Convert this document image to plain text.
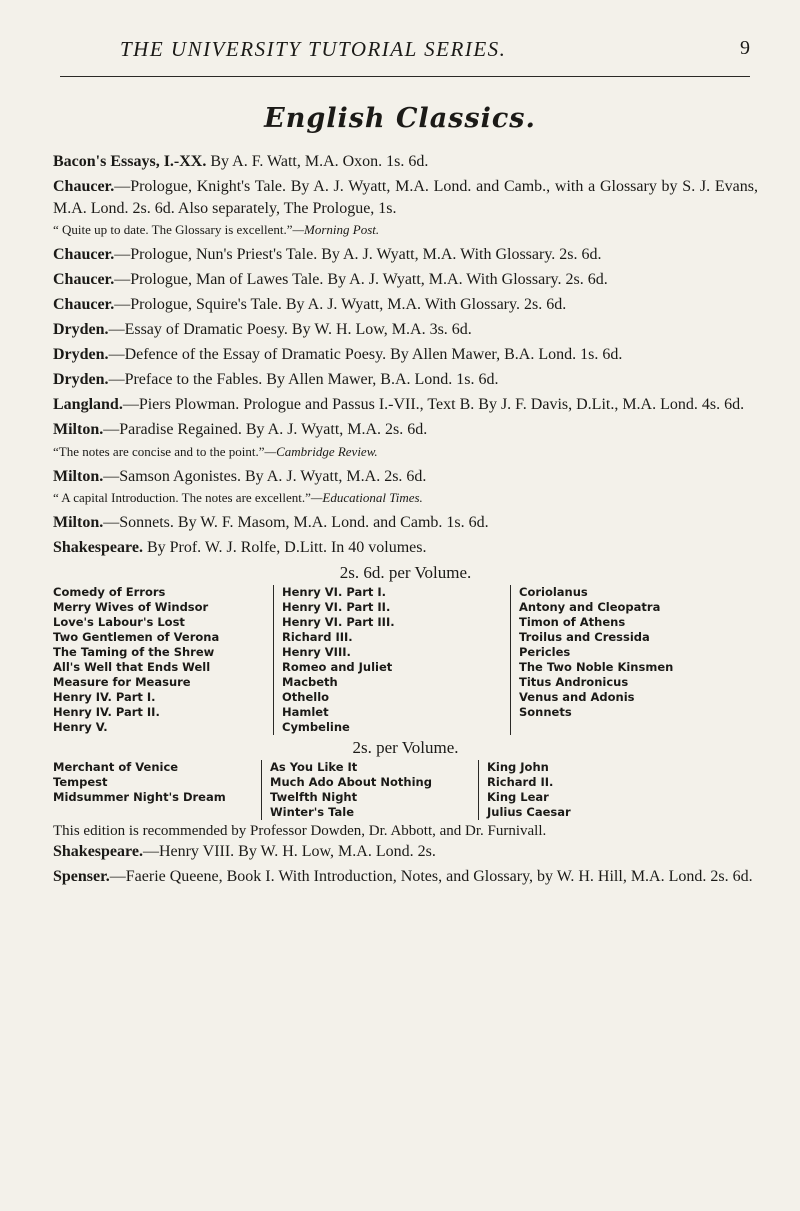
THE UNIVERSITY TUTORIAL SERIES.	9
English Classics.
Bacon's Essays, I.-XX. By A. F. Watt, M.A. Oxon. 1s. 6d.
Chaucer.—Prologue, Knight's Tale. By A. J. Wyatt, M.A. Lond. and Camb., with a Glossary by S. J. Evans, M.A. Lond. 2s. 6d. Also separately, The Prologue, 1s.
“ Quite up to date. The Glossary is excellent.”—Morning Post.
Chaucer.—Prologue, Nun's Priest's Tale. By A. J. Wyatt, M.A. With Glossary. 2s. 6d.
Chaucer.—Prologue, Man of Lawes Tale. By A. J. Wyatt, M.A. With Glossary. 2s. 6d.
Chaucer.—Prologue, Squire's Tale. By A. J. Wyatt, M.A. With Glossary. 2s. 6d.
Dryden.—Essay of Dramatic Poesy. By W. H. Low, M.A. 3s. 6d.
Dryden.—Defence of the Essay of Dramatic Poesy. By Allen Mawer, B.A. Lond. 1s. 6d.
Dryden.—Preface to the Fables. By Allen Mawer, B.A. Lond. 1s. 6d.
Langland.—Piers Plowman. Prologue and Passus I.-VII., Text B. By J. F. Davis, D.Lit., M.A. Lond. 4s. 6d.
Milton.—Paradise Regained. By A. J. Wyatt, M.A. 2s. 6d.
“The notes are concise and to the point.”—Cambridge Review.
Milton.—Samson Agonistes. By A. J. Wyatt, M.A. 2s. 6d.
“ A capital Introduction. The notes are excellent.”—Educational Times.
Milton.—Sonnets. By W. F. Masom, M.A. Lond. and Camb. 1s. 6d.
Shakespeare. By Prof. W. J. Rolfe, D.Litt. In 40 volumes.
2s. 6d. per Volume.
Comedy of Errors
Merry Wives of Windsor
Love's Labour's Lost
Two Gentlemen of Verona
The Taming of the Shrew
All's Well that Ends Well
Measure for Measure
Henry IV. Part I.
Henry IV. Part II.
Henry V.
Henry VI. Part I.
Henry VI. Part II.
Henry VI. Part III.
Richard III.
Henry VIII.
Romeo and Juliet
Macbeth
Othello
Hamlet
Cymbeline
Coriolanus
Antony and Cleopatra
Timon of Athens
Troilus and Cressida
Pericles
The Two Noble Kinsmen
Titus Andronicus
Venus and Adonis
Sonnets
2s. per Volume.
Merchant of Venice
Tempest
Midsummer Night's Dream
As You Like It
Much Ado About Nothing
Twelfth Night
Winter's Tale
King John
Richard II.
King Lear
Julius Caesar
This edition is recommended by Professor Dowden, Dr. Abbott, and Dr. Furnivall.
Shakespeare.—Henry VIII. By W. H. Low, M.A. Lond. 2s.
Spenser.—Faerie Queene, Book I. With Introduction, Notes, and Glossary, by W. H. Hill, M.A. Lond. 2s. 6d.
